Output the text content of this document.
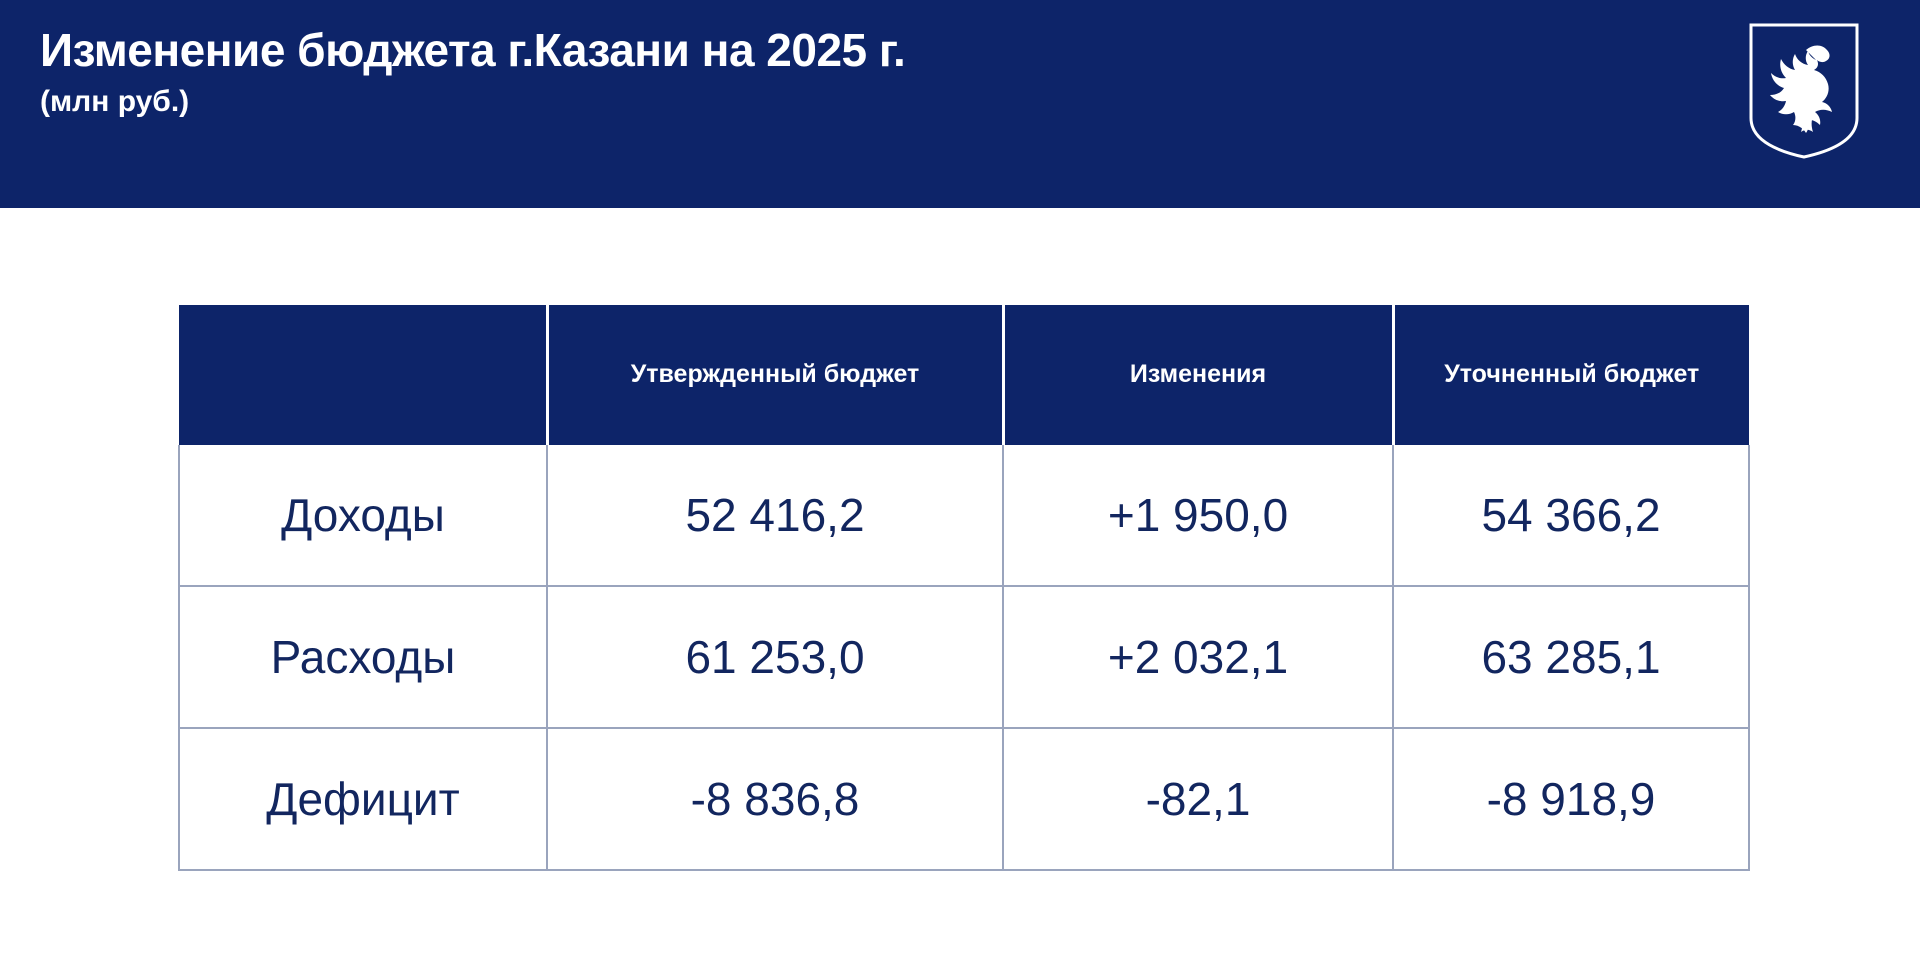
Изменение бюджета г.Казани на 2025 г.
(млн руб.)
	Утвержденный бюджет	Изменения	Уточненный бюджет
Доходы	52 416,2	+1 950,0	54 366,2
Расходы	61 253,0	+2 032,1	63 285,1
Дефицит	-8 836,8	-82,1	-8 918,9
